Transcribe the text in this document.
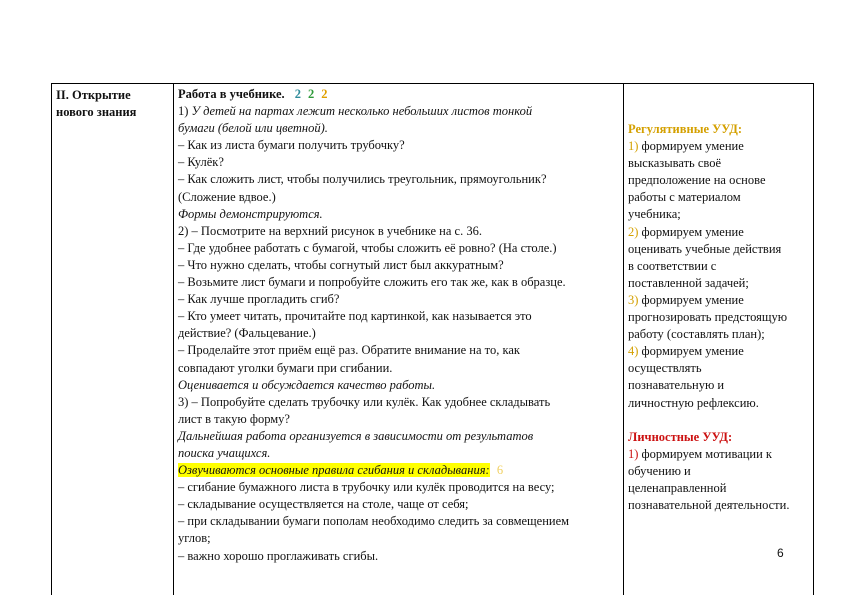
II. Открытие
нового знания
Работа в учебнике. 2 2 2
1) У детей на партах лежит несколько небольших листов тонкой
бумаги (белой или цветной).
– Как из листа бумаги получить трубочку?
– Кулёк?
– Как сложить лист, чтобы получились треугольник, прямоугольник?
(Сложение вдвое.)
Формы демонстрируются.
2) – Посмотрите на верхний рисунок в учебнике на с. 36.
– Где удобнее работать с бумагой, чтобы сложить её ровно? (На столе.)
– Что нужно сделать, чтобы согнутый лист был аккуратным?
– Возьмите лист бумаги и попробуйте сложить его так же, как в образце.
– Как лучше прогладить сгиб?
– Кто умеет читать, прочитайте под картинкой, как называется это
действие? (Фальцевание.)
– Проделайте этот приём ещё раз. Обратите внимание на то, как
совпадают уголки бумаги при сгибании.
Оценивается и обсуждается качество работы.
3) – Попробуйте сделать трубочку или кулёк. Как удобнее складывать
лист в такую форму?
Дальнейшая работа организуется в зависимости от результатов
поиска учащихся.
Озвучиваются основные правила сгибания и складывания: 6
– сгибание бумажного листа в трубочку или кулёк проводится на весу;
– складывание осуществляется на столе, чаще от себя;
– при складывании бумаги пополам необходимо следить за совмещением
углов;
– важно хорошо проглаживать сгибы.
Регулятивные УУД:
1) формируем умение
высказывать своё
предположение на основе
работы с материалом
учебника;
2) формируем умение
оценивать учебные действия
в соответствии с
поставленной задачей;
3) формируем умение
прогнозировать предстоящую
работу (составлять план);
4) формируем умение
осуществлять
познавательную и
личностную рефлексию.
Личностные УУД:
1) формируем мотивации к
обучению и
целенаправленной
познавательной деятельности.
6
